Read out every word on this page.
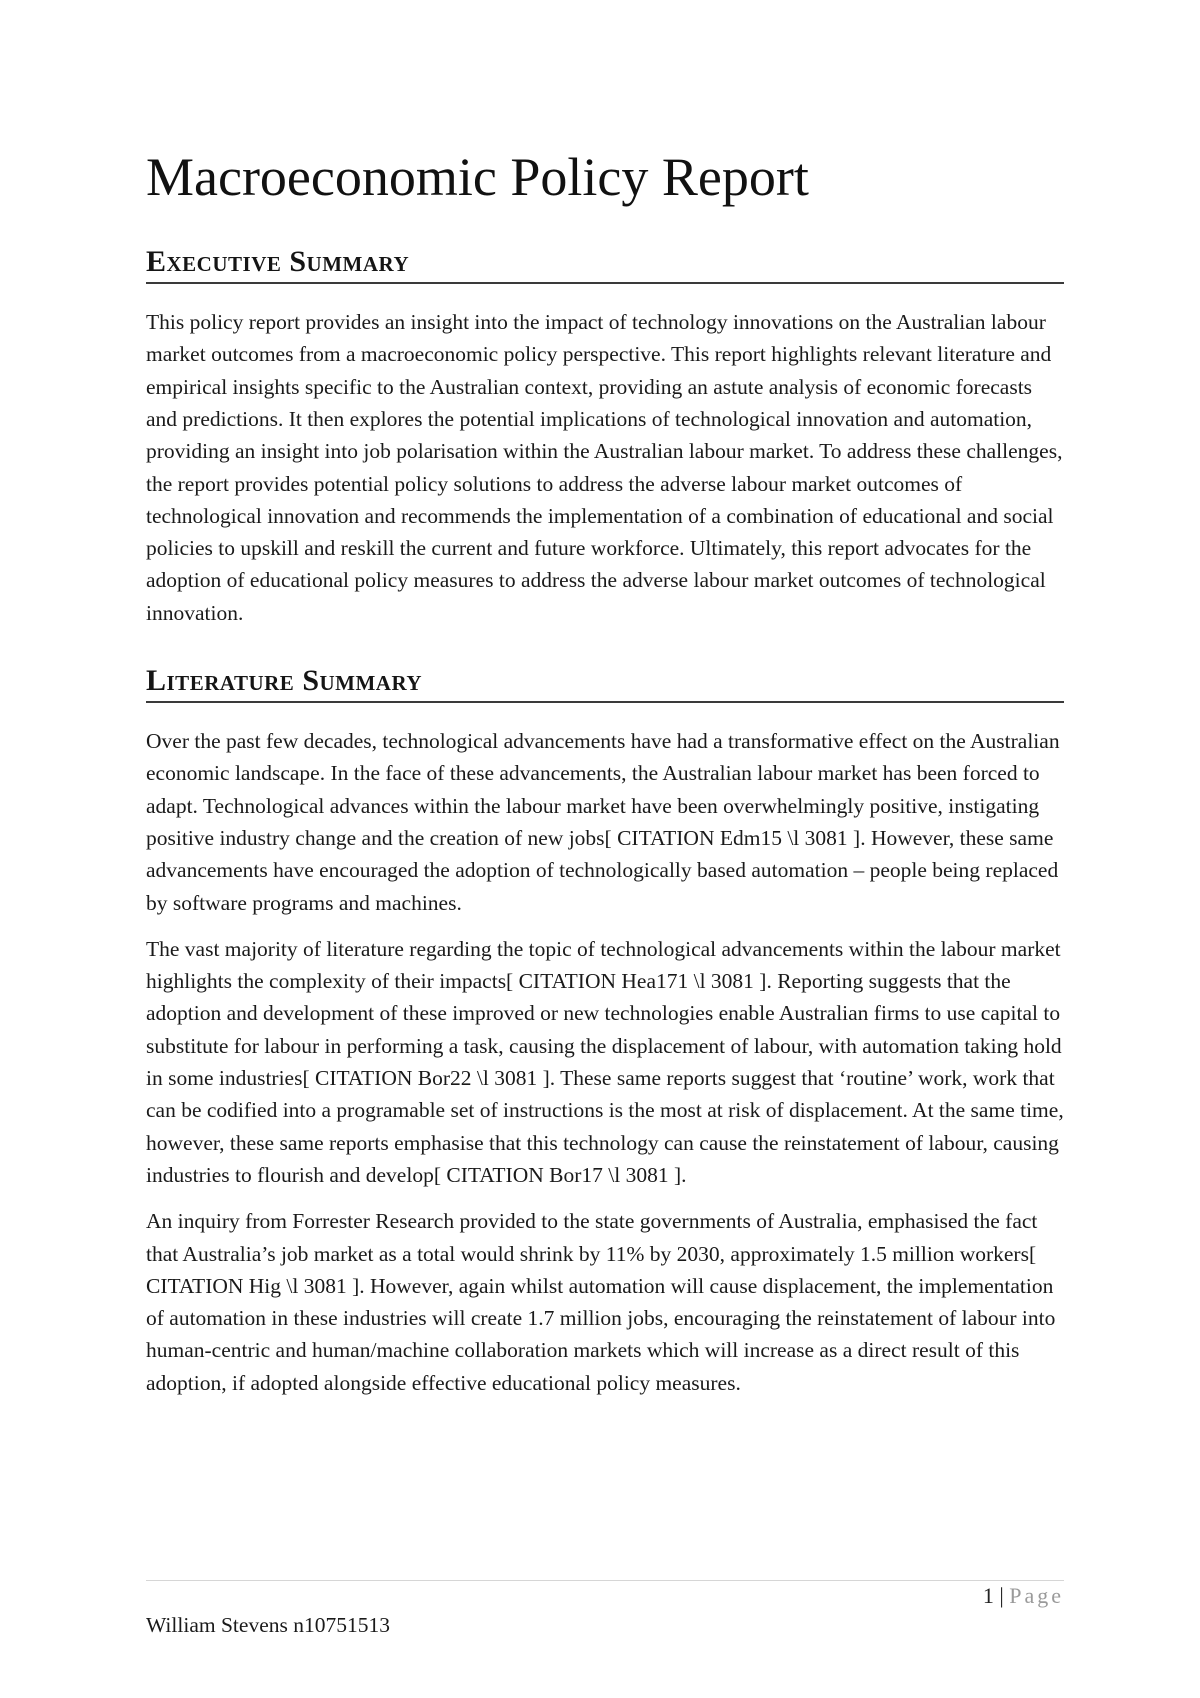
Macroeconomic Policy Report
Executive Summary

This policy report provides an insight into the impact of technology innovations on the Australian labour market outcomes from a macroeconomic policy perspective. This report highlights relevant literature and empirical insights specific to the Australian context, providing an astute analysis of economic forecasts and predictions. It then explores the potential implications of technological innovation and automation, providing an insight into job polarisation within the Australian labour market. To address these challenges, the report provides potential policy solutions to address the adverse labour market outcomes of technological innovation and recommends the implementation of a combination of educational and social policies to upskill and reskill the current and future workforce. Ultimately, this report advocates for the adoption of educational policy measures to address the adverse labour market outcomes of technological innovation.

Literature Summary

Over the past few decades, technological advancements have had a transformative effect on the Australian economic landscape. In the face of these advancements, the Australian labour market has been forced to adapt. Technological advances within the labour market have been overwhelmingly positive, instigating positive industry change and the creation of new jobs[ CITATION Edm15 \l 3081 ]. However, these same advancements have encouraged the adoption of technologically based automation – people being replaced by software programs and machines.

The vast majority of literature regarding the topic of technological advancements within the labour market highlights the complexity of their impacts[ CITATION Hea171 \l 3081 ]. Reporting suggests that the adoption and development of these improved or new technologies enable Australian firms to use capital to substitute for labour in performing a task, causing the displacement of labour, with automation taking hold in some industries[ CITATION Bor22 \l 3081 ]. These same reports suggest that ‘routine’ work, work that can be codified into a programable set of instructions is the most at risk of displacement. At the same time, however, these same reports emphasise that this technology can cause the reinstatement of labour, causing industries to flourish and develop[ CITATION Bor17 \l 3081 ].

An inquiry from Forrester Research provided to the state governments of Australia, emphasised the fact that Australia’s job market as a total would shrink by 11% by 2030, approximately 1.5 million workers[ CITATION Hig \l 3081 ]. However, again whilst automation will cause displacement, the implementation of automation in these industries will create 1.7 million jobs, encouraging the reinstatement of labour into human-centric and human/machine collaboration markets which will increase as a direct result of this adoption, if adopted alongside effective educational policy measures.

1 | Page
William Stevens n10751513
